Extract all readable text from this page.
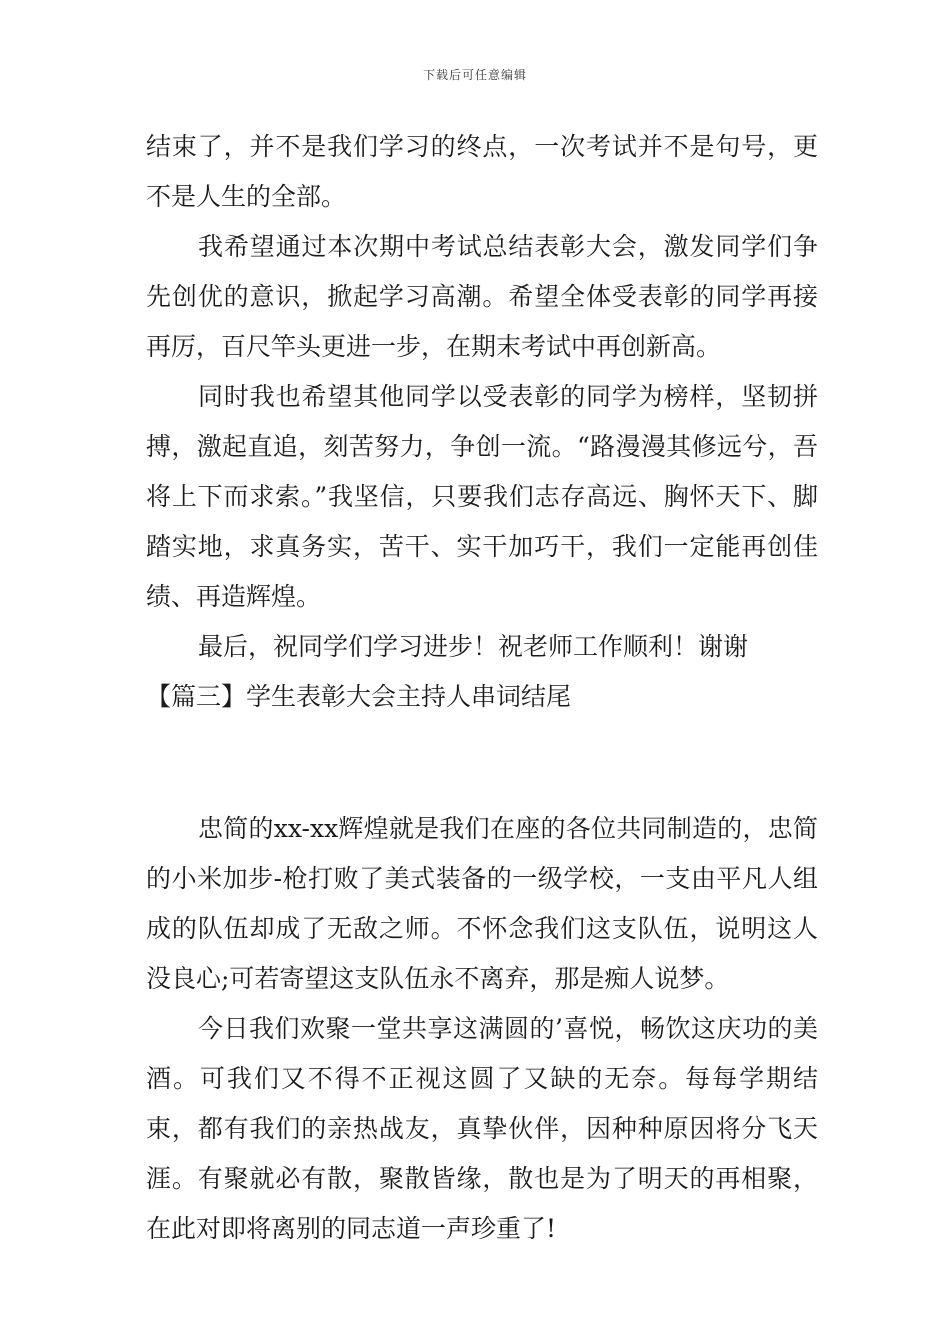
下载后可任意编辑

结束了，并不是我们学习的终点，一次考试并不是句号，更不是人生的全部。

我希望通过本次期中考试总结表彰大会，激发同学们争先创优的意识，掀起学习高潮。希望全体受表彰的同学再接再厉，百尺竿头更进一步，在期末考试中再创新高。

同时我也希望其他同学以受表彰的同学为榜样，坚韧拼搏，激起直追，刻苦努力，争创一流。“路漫漫其修远兮，吾将上下而求索。”我坚信，只要我们志存高远、胸怀天下、脚踏实地，求真务实，苦干、实干加巧干，我们一定能再创佳绩、再造辉煌。

最后，祝同学们学习进步！祝老师工作顺利！谢谢

【篇三】学生表彰大会主持人串词结尾

忠简的xx-xx辉煌就是我们在座的各位共同制造的，忠简的小米加步-枪打败了美式装备的一级学校，一支由平凡人组成的队伍却成了无敌之师。不怀念我们这支队伍，说明这人没良心;可若寄望这支队伍永不离弃，那是痴人说梦。

今日我们欢聚一堂共享这满圆的’喜悦，畅饮这庆功的美酒。可我们又不得不正视这圆了又缺的无奈。每每学期结束，都有我们的亲热战友，真挚伙伴，因种种原因将分飞天涯。有聚就必有散，聚散皆缘，散也是为了明天的再相聚，在此对即将离别的同志道一声珍重了!
